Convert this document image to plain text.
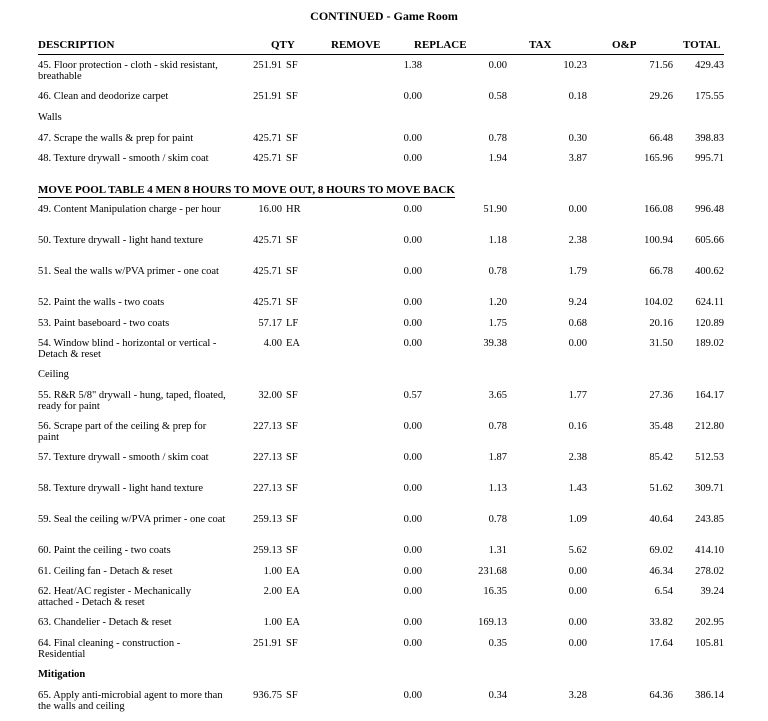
CONTINUED - Game Room
DESCRIPTION	QTY	REMOVE	REPLACE	TAX	O&P	TOTAL
45. Floor protection - cloth - skid resistant, breathable
251.91 SF	1.38	0.00	10.23	71.56	429.43
46. Clean and deodorize carpet	251.91 SF	0.00	0.58	0.18	29.26	175.55
Walls
47. Scrape the walls & prep for paint	425.71 SF	0.00	0.78	0.30	66.48	398.83
48. Texture drywall - smooth / skim coat	425.71 SF	0.00	1.94	3.87	165.96	995.71
MOVE POOL TABLE 4 MEN 8 HOURS TO MOVE OUT, 8 HOURS TO MOVE BACK
49. Content Manipulation charge - per hour	16.00 HR	0.00	51.90	0.00	166.08	996.48
50. Texture drywall - light hand texture	425.71 SF	0.00	1.18	2.38	100.94	605.66
51. Seal the walls w/PVA primer - one coat	425.71 SF	0.00	0.78	1.79	66.78	400.62
52. Paint the walls - two coats	425.71 SF	0.00	1.20	9.24	104.02	624.11
53. Paint baseboard - two coats	57.17 LF	0.00	1.75	0.68	20.16	120.89
54. Window blind - horizontal or vertical - Detach & reset
4.00 EA	0.00	39.38	0.00	31.50	189.02
Ceiling
55. R&R 5/8" drywall - hung, taped, floated, ready for paint
32.00 SF	0.57	3.65	1.77	27.36	164.17
56. Scrape part of the ceiling & prep for paint
227.13 SF	0.00	0.78	0.16	35.48	212.80
57. Texture drywall - smooth / skim coat	227.13 SF	0.00	1.87	2.38	85.42	512.53
58. Texture drywall - light hand texture	227.13 SF	0.00	1.13	1.43	51.62	309.71
59. Seal the ceiling w/PVA primer - one coat	259.13 SF	0.00	0.78	1.09	40.64	243.85
60. Paint the ceiling - two coats	259.13 SF	0.00	1.31	5.62	69.02	414.10
61. Ceiling fan - Detach & reset	1.00 EA	0.00	231.68	0.00	46.34	278.02
62. Heat/AC register - Mechanically attached - Detach & reset
2.00 EA	0.00	16.35	0.00	6.54	39.24
63. Chandelier - Detach & reset	1.00 EA	0.00	169.13	0.00	33.82	202.95
64. Final cleaning - construction - Residential
251.91 SF	0.00	0.35	0.00	17.64	105.81
Mitigation
65. Apply anti-microbial agent to more than the walls and ceiling
936.75 SF	0.00	0.34	3.28	64.36	386.14
